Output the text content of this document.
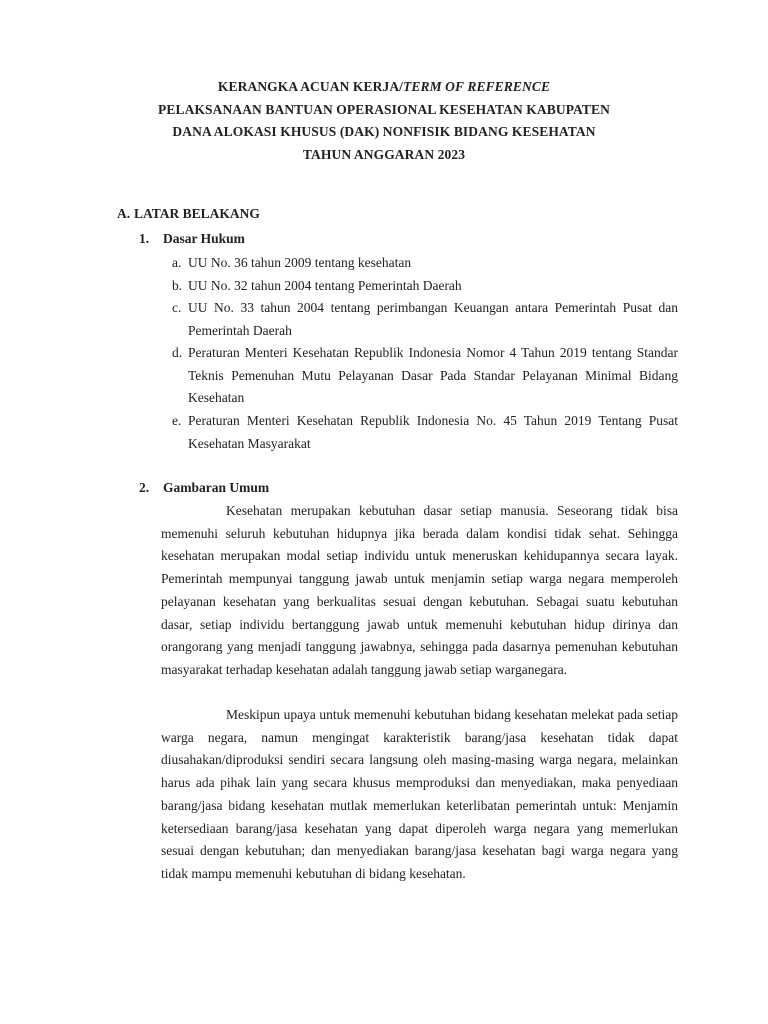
KERANGKA ACUAN KERJA/TERM OF REFERENCE
PELAKSANAAN BANTUAN OPERASIONAL KESEHATAN KABUPATEN
DANA ALOKASI KHUSUS (DAK) NONFISIK BIDANG KESEHATAN
TAHUN ANGGARAN 2023
A. LATAR BELAKANG
1. Dasar Hukum
a. UU No. 36 tahun 2009 tentang kesehatan
b. UU No. 32 tahun 2004 tentang Pemerintah Daerah
c. UU No. 33 tahun 2004 tentang perimbangan Keuangan antara Pemerintah Pusat dan Pemerintah Daerah
d. Peraturan Menteri Kesehatan Republik Indonesia Nomor 4 Tahun 2019 tentang Standar Teknis Pemenuhan Mutu Pelayanan Dasar Pada Standar Pelayanan Minimal Bidang Kesehatan
e. Peraturan Menteri Kesehatan Republik Indonesia No. 45 Tahun 2019 Tentang Pusat Kesehatan Masyarakat
2. Gambaran Umum
Kesehatan merupakan kebutuhan dasar setiap manusia. Seseorang tidak bisa memenuhi seluruh kebutuhan hidupnya jika berada dalam kondisi tidak sehat. Sehingga kesehatan merupakan modal setiap individu untuk meneruskan kehidupannya secara layak. Pemerintah mempunyai tanggung jawab untuk menjamin setiap warga negara memperoleh pelayanan kesehatan yang berkualitas sesuai dengan kebutuhan. Sebagai suatu kebutuhan dasar, setiap individu bertanggung jawab untuk memenuhi kebutuhan hidup dirinya dan orangorang yang menjadi tanggung jawabnya, sehingga pada dasarnya pemenuhan kebutuhan masyarakat terhadap kesehatan adalah tanggung jawab setiap warganegara.
Meskipun upaya untuk memenuhi kebutuhan bidang kesehatan melekat pada setiap warga negara, namun mengingat karakteristik barang/jasa kesehatan tidak dapat diusahakan/diproduksi sendiri secara langsung oleh masing-masing warga negara, melainkan harus ada pihak lain yang secara khusus memproduksi dan menyediakan, maka penyediaan barang/jasa bidang kesehatan mutlak memerlukan keterlibatan pemerintah untuk: Menjamin ketersediaan barang/jasa kesehatan yang dapat diperoleh warga negara yang memerlukan sesuai dengan kebutuhan; dan menyediakan barang/jasa kesehatan bagi warga negara yang tidak mampu memenuhi kebutuhan di bidang kesehatan.
